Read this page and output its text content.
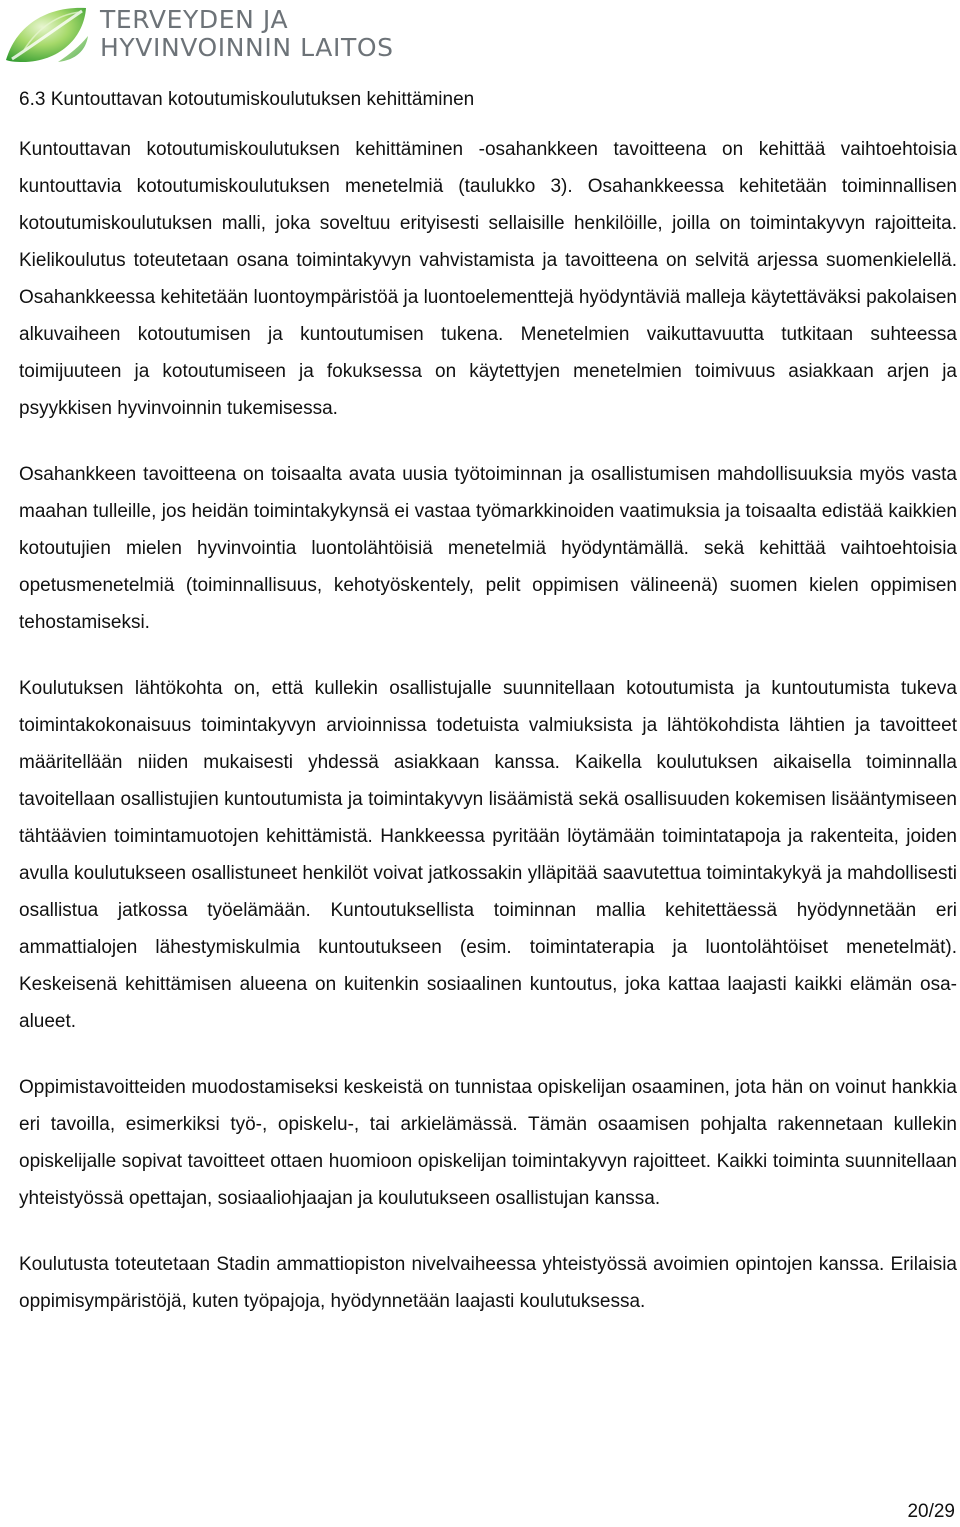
TERVEYDEN JA
HYVINVOINNIN LAITOS
6.3 Kuntouttavan kotoutumiskoulutuksen kehittäminen

Kuntouttavan kotoutumiskoulutuksen kehittäminen -osahankkeen tavoitteena on kehittää vaihtoehtoisia kuntouttavia kotoutumiskoulutuksen menetelmiä (taulukko 3). Osahankkeessa kehitetään toiminnallisen kotoutumiskoulutuksen malli, joka soveltuu erityisesti sellaisille henkilöille, joilla on toimintakyvyn rajoitteita. Kielikoulutus toteutetaan osana toimintakyvyn vahvistamista ja tavoitteena on selvitä arjessa suomenkielellä. Osahankkeessa kehitetään luontoympäristöä ja luontoelementtejä hyödyntäviä malleja käytettäväksi pakolaisen alkuvaiheen kotoutumisen ja kuntoutumisen tukena. Menetelmien vaikuttavuutta tutkitaan suhteessa toimijuuteen ja kotoutumiseen ja fokuksessa on käytettyjen menetelmien toimivuus asiakkaan arjen ja psyykkisen hyvinvoinnin tukemisessa.

Osahankkeen tavoitteena on toisaalta avata uusia työtoiminnan ja osallistumisen mahdollisuuksia myös vasta maahan tulleille, jos heidän toimintakykynsä ei vastaa työmarkkinoiden vaatimuksia ja toisaalta edistää kaikkien kotoutujien mielen hyvinvointia luontolähtöisiä menetelmiä hyödyntämällä. sekä kehittää vaihtoehtoisia opetusmenetelmiä (toiminnallisuus, kehotyöskentely, pelit oppimisen välineenä) suomen kielen oppimisen tehostamiseksi.

Koulutuksen lähtökohta on, että kullekin osallistujalle suunnitellaan kotoutumista ja kuntoutumista tukeva toimintakokonaisuus toimintakyvyn arvioinnissa todetuista valmiuksista ja lähtökohdista lähtien ja tavoitteet määritellään niiden mukaisesti yhdessä asiakkaan kanssa. Kaikella koulutuksen aikaisella toiminnalla tavoitellaan osallistujien kuntoutumista ja toimintakyvyn lisäämistä sekä osallisuuden kokemisen lisääntymiseen tähtäävien toimintamuotojen kehittämistä. Hankkeessa pyritään löytämään toimintatapoja ja rakenteita, joiden avulla koulutukseen osallistuneet henkilöt voivat jatkossakin ylläpitää saavutettua toimintakykyä ja mahdollisesti osallistua jatkossa työelämään. Kuntoutuksellista toiminnan mallia kehitettäessä hyödynnetään eri ammattialojen lähestymiskulmia kuntoutukseen (esim. toimintaterapia ja luontolähtöiset menetelmät). Keskeisenä kehittämisen alueena on kuitenkin sosiaalinen kuntoutus, joka kattaa laajasti kaikki elämän osa-alueet.

Oppimistavoitteiden muodostamiseksi keskeistä on tunnistaa opiskelijan osaaminen, jota hän on voinut hankkia eri tavoilla, esimerkiksi työ-, opiskelu-, tai arkielämässä. Tämän osaamisen pohjalta rakennetaan kullekin opiskelijalle sopivat tavoitteet ottaen huomioon opiskelijan toimintakyvyn rajoitteet. Kaikki toiminta suunnitellaan yhteistyössä opettajan, sosiaaliohjaajan ja koulutukseen osallistujan kanssa.

Koulutusta toteutetaan Stadin ammattiopiston nivelvaiheessa yhteistyössä avoimien opintojen kanssa. Erilaisia oppimisympäristöjä, kuten työpajoja, hyödynnetään laajasti koulutuksessa.

20/29
